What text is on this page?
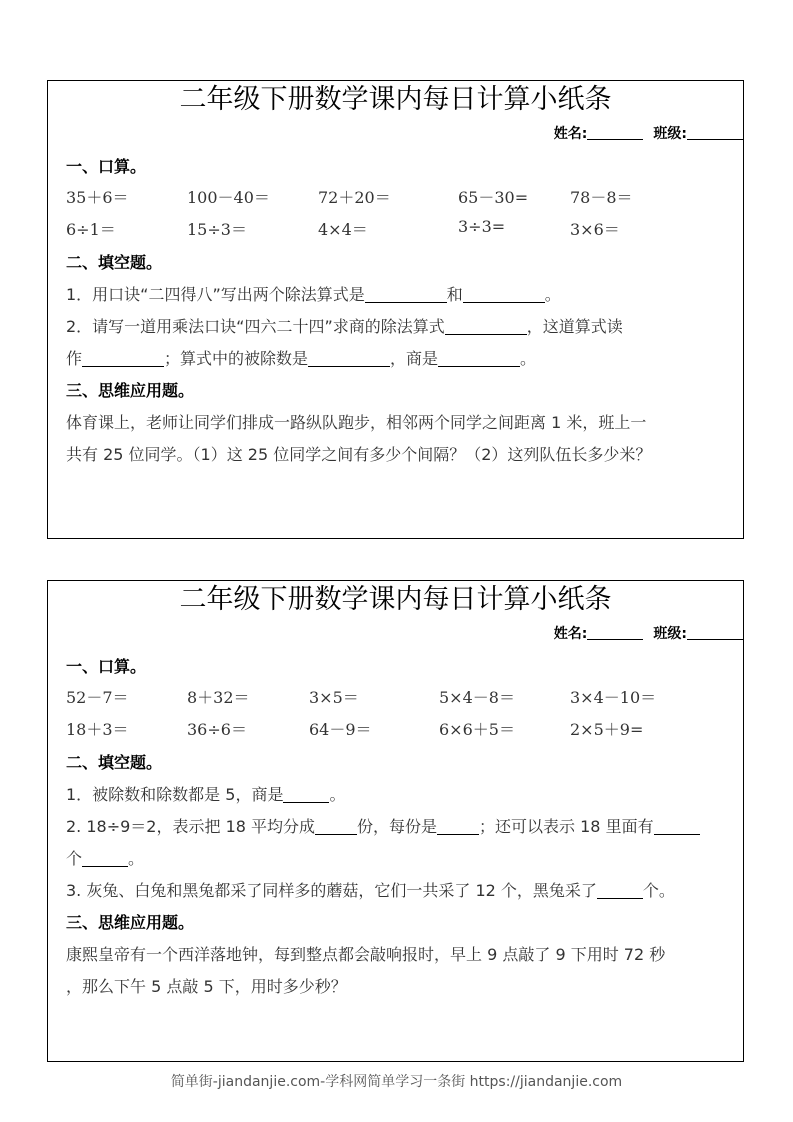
二年级下册数学课内每日计算小纸条
姓名:	班级:
一、口算。
35＋6＝	100－40＝	72＋20＝	65－30=	78－8＝
6÷1＝	15÷3＝	4×4＝	3÷3=	3×6＝
二、填空题。
1．用口诀“二四得八”写出两个除法算式是	和	。
2．请写一道用乘法口诀“四六二十四”求商的除法算式	，这道算式读
作	；算式中的被除数是	，商是	。
三、思维应用题。
体育课上，老师让同学们排成一路纵队跑步，相邻两个同学之间距离 1 米，班上一
共有 25 位同学。（1）这 25 位同学之间有多少个间隔？（2）这列队伍长多少米？
二年级下册数学课内每日计算小纸条
姓名:	班级:
一、口算。
52－7＝	8＋32＝	3×5＝	5×4－8＝	3×4－10＝
18＋3＝	36÷6＝	64－9＝	6×6＋5＝	2×5＋9=
二、填空题。
1．被除数和除数都是 5，商是	。
2. 18÷9＝2，表示把 18 平均分成	份，每份是	；还可以表示 18 里面有
个	。
3. 灰兔、白兔和黑兔都采了同样多的蘑菇，它们一共采了 12 个，黑兔采了	个。
三、思维应用题。
康熙皇帝有一个西洋落地钟，每到整点都会敲响报时，早上 9 点敲了 9 下用时 72 秒
，那么下午 5 点敲 5 下，用时多少秒？
简单街-jiandanjie.com-学科网简单学习一条街 https://jiandanjie.com
